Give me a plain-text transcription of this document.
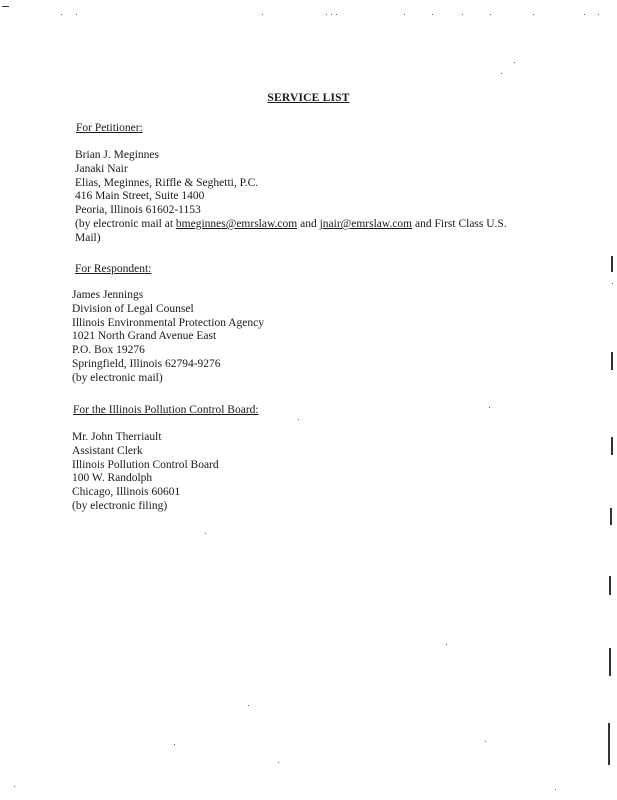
SERVICE LIST
For Petitioner:
Brian J. Meginnes
Janaki Nair
Elias, Meginnes, Riffle & Seghetti, P.C.
416 Main Street, Suite 1400
Peoria, Illinois 61602-1153
(by electronic mail at bmeginnes@emrslaw.com and jnair@emrslaw.com and First Class U.S.
Mail)
For Respondent:
James Jennings
Division of Legal Counsel
Illinois Environmental Protection Agency
1021 North Grand Avenue East
P.O. Box 19276
Springfield, Illinois 62794-9276
(by electronic mail)
For the Illinois Pollution Control Board:
Mr. John Therriault
Assistant Clerk
Illinois Pollution Control Board
100 W. Randolph
Chicago, Illinois 60601
(by electronic filing)
